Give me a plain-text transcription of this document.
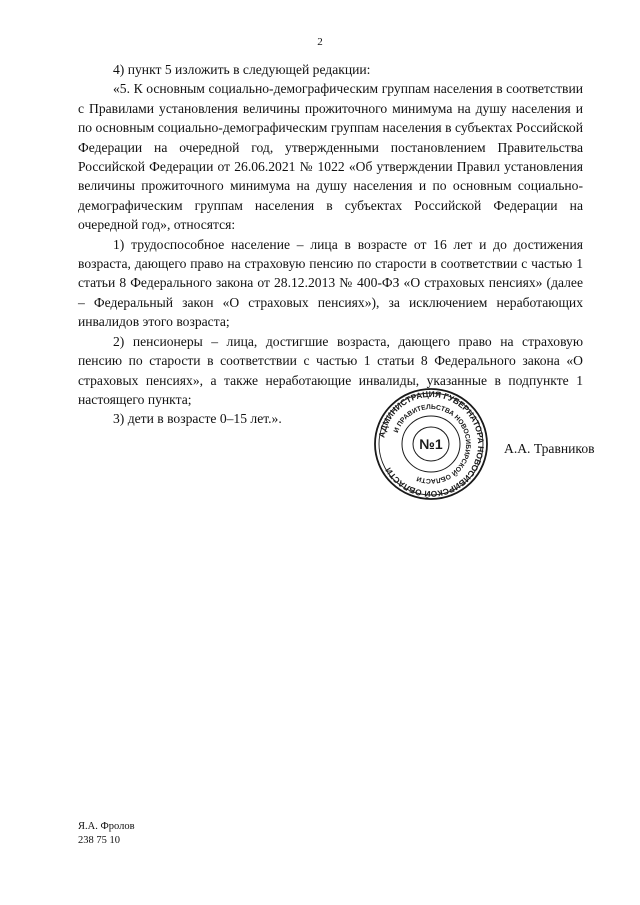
2

4) пункт 5 изложить в следующей редакции:

«5. К основным социально-демографическим группам населения в соответствии с Правилами установления величины прожиточного минимума на душу населения и по основным социально-демографическим группам населения в субъектах Российской Федерации на очередной год, утвержденными постановлением Правительства Российской Федерации от 26.06.2021 № 1022 «Об утверждении Правил установления величины прожиточного минимума на душу населения и по основным социально-демографическим группам населения в субъектах Российской Федерации на очередной год», относятся:

1) трудоспособное население – лица в возрасте от 16 лет и до достижения возраста, дающего право на страховую пенсию по старости в соответствии с частью 1 статьи 8 Федерального закона от 28.12.2013 № 400-ФЗ «О страховых пенсиях» (далее – Федеральный закон «О страховых пенсиях»), за исключением неработающих инвалидов этого возраста;

2) пенсионеры – лица, достигшие возраста, дающего право на страховую пенсию по старости в соответствии с частью 1 статьи 8 Федерального закона «О страховых пенсиях», а также неработающие инвалиды, указанные в подпункте 1 настоящего пункта;

3) дети в возрасте 0–15 лет.».

АДМИНИСТРАЦИЯ ГУБЕРНАТОРА НОВОСИБИРСКОЙ ОБЛАСТИ
И ПРАВИТЕЛЬСТВА НОВОСИБИРСКОЙ ОБЛАСТИ
№1	А.А. Травников
Я.А. Фролов
238 75 10
